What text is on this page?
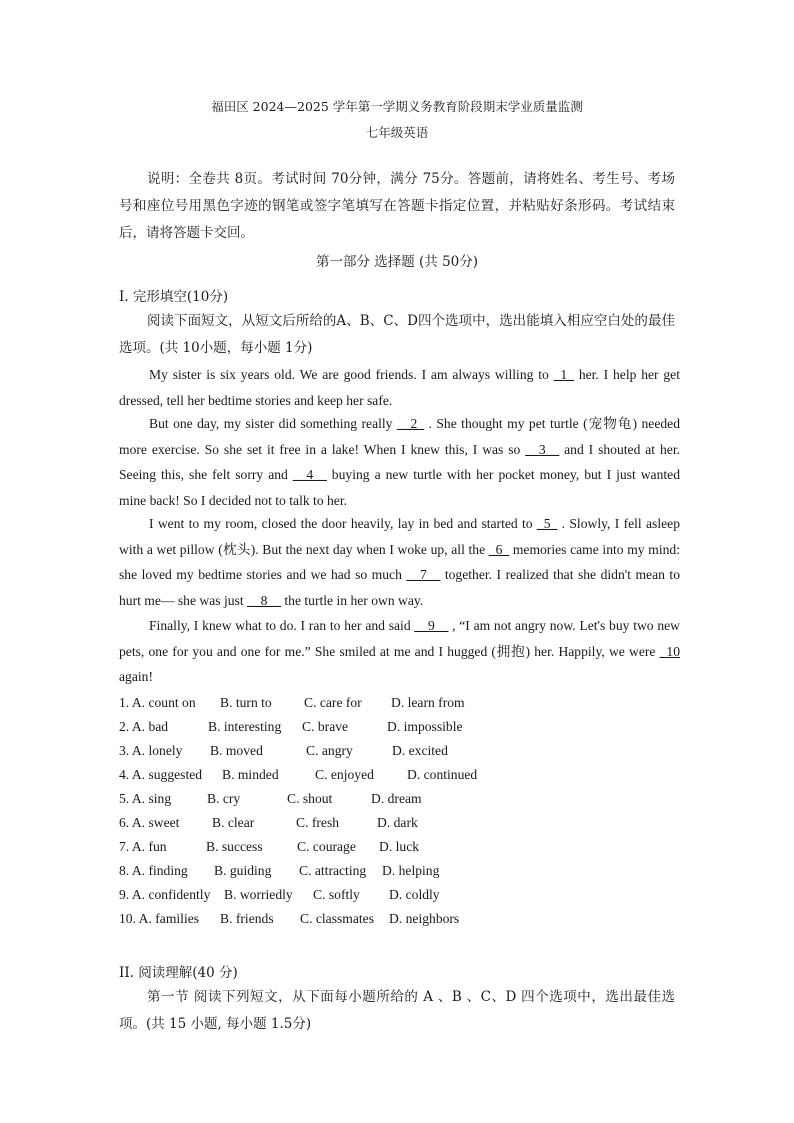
福田区 2024—2025 学年第一学期义务教育阶段期末学业质量监测
七年级英语
说明：全卷共 8页。考试时间 70分钟，满分 75分。答题前，请将姓名、考生号、考场号和座位号用黑色字迹的钢笔或签字笔填写在答题卡指定位置，并粘贴好条形码。考试结束后，请将答题卡交回。
第一部分 选择题 (共 50分)
I. 完形填空(10分)
阅读下面短文，从短文后所给的A、B、C、D四个选项中，选出能填入相应空白处的最佳选项。(共 10小题，每小题 1分)
My sister is six years old. We are good friends. I am always willing to _1_ her. I help her get dressed, tell her bedtime stories and keep her safe.
But one day, my sister did something really __2_ . She thought my pet turtle (宠物龟) needed more exercise. So she set it free in a lake! When I knew this, I was so __3__ and I shouted at her. Seeing this, she felt sorry and __4__ buying a new turtle with her pocket money, but I just wanted mine back! So I decided not to talk to her.
I went to my room, closed the door heavily, lay in bed and started to _5_ . Slowly, I fell asleep with a wet pillow (枕头). But the next day when I woke up, all the _6_ memories came into my mind: she loved my bedtime stories and we had so much __7__ together. I realized that she didn't mean to hurt me— she was just __8__ the turtle in her own way.
Finally, I knew what to do. I ran to her and said __9__ , “I am not angry now. Let's buy two new pets, one for you and one for me.” She smiled at me and I hugged (拥抱) her. Happily, we were _10 again!
1. A. count on B. turn to C. care for D. learn from
2. A. bad	B. interesting C. brave	D. impossible
3. A. lonely B. moved	C. angry	D. excited
4. A. suggested B. minded	C. enjoyed D. continued
5. A. sing	B. cry	C. shout	D. dream
6. A. sweet B. clear	C. fresh	D. dark
7. A. fun	B. success	C. courage D. luck
8. A. finding B. guiding C. attracting D. helping
9. A. confidently B. worriedly C. softly D. coldly
10. A. families B. friends C. classmates D. neighbors
II. 阅读理解(40 分)
第一节 阅读下列短文，从下面每小题所给的 A 、B 、C、D 四个选项中，选出最佳选项。(共 15 小题, 每小题 1.5分)
